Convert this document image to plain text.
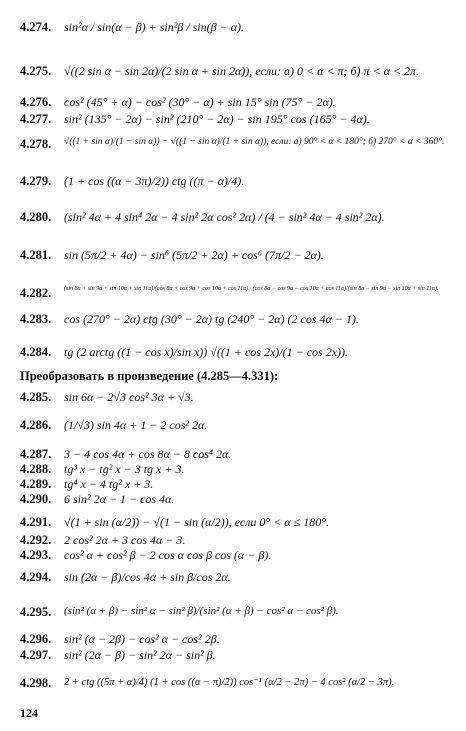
4.274. sin²α / sin(α − β) + sin²β / sin(β − α).
4.275. √((2 sin α − sin 2α)/(2 sin α + sin 2α)), если: а) 0 < α < π; б) π < α < 2π.
4.276. cos² (45° + α) − cos² (30° − α) + sin 15° sin (75° − 2α).
4.277. sin² (135° − 2α) − sin² (210° − 2α) − sin 195° cos (165° − 4α).
4.278. √((1 + sin α)/(1 − sin α)) − √((1 − sin α)/(1 + sin α)), если: а) 90° < α < 180°; б) 270° < α < 360°.
4.279. (1 + cos ((α − 3π)/2)) ctg ((π − α)/4).
4.280. (sin² 4α + 4 sin⁴ 2α − 4 sin² 2α cos² 2α) / (4 − sin² 4α − 4 sin² 2α).
4.281. sin (5π/2 + 4α) − sin⁶ (5π/2 + 2α) + cos⁶ (7π/2 − 2α).
4.282. (sin 8α + sin 9α + sin 10α + sin 11α)/(cos 8α + cos 9α + cos 10α + cos 11α) · (cos 8α − cos 9α − cos 10α + cos 11α)/(sin 8α − sin 9α − sin 10α + sin 11α).
4.283. cos (270° − 2α) ctg (30° − 2α) tg (240° − 2α) (2 cos 4α − 1).
4.284. tg (2 arctg ((1 − cos x)/sin x)) √((1 + cos 2x)/(1 − cos 2x)).
Преобразовать в произведение (4.285—4.331):
4.285. sin 6α − 2√3 cos² 3α + √3.
4.286. (1/√3) sin 4α + 1 − 2 cos² 2α.
4.287. 3 − 4 cos 4α + cos 8α − 8 cos⁴ 2α.
4.288. tg³ x − tg² x − 3 tg x + 3.
4.289. tg⁴ x − 4 tg² x + 3.
4.290. 6 sin² 2α − 1 − cos 4α.
4.291. √(1 + sin (α/2)) − √(1 − sin (α/2)), если 0° < α ≤ 180°.
4.292. 2 cos² 2α + 3 cos 4α − 3.
4.293. cos² α + cos² β − 2 cos α cos β cos (α − β).
4.294. sin (2α − β)/cos 4α + sin β/cos 2α.
4.295. (sin² (α + β) − sin² α − sin² β)/(sin² (α + β) − cos² α − cos² β).
4.296. sin² (α − 2β) − cos² α − cos² 2β.
4.297. sin² (2α − β) − sin² 2α − sin² β.
4.298. 2 + ctg ((5π + α)/4) (1 + cos ((α − π)/2)) cos⁻¹ (α/2 − 2π) − 4 cos² (α/2 − 3π).
124
